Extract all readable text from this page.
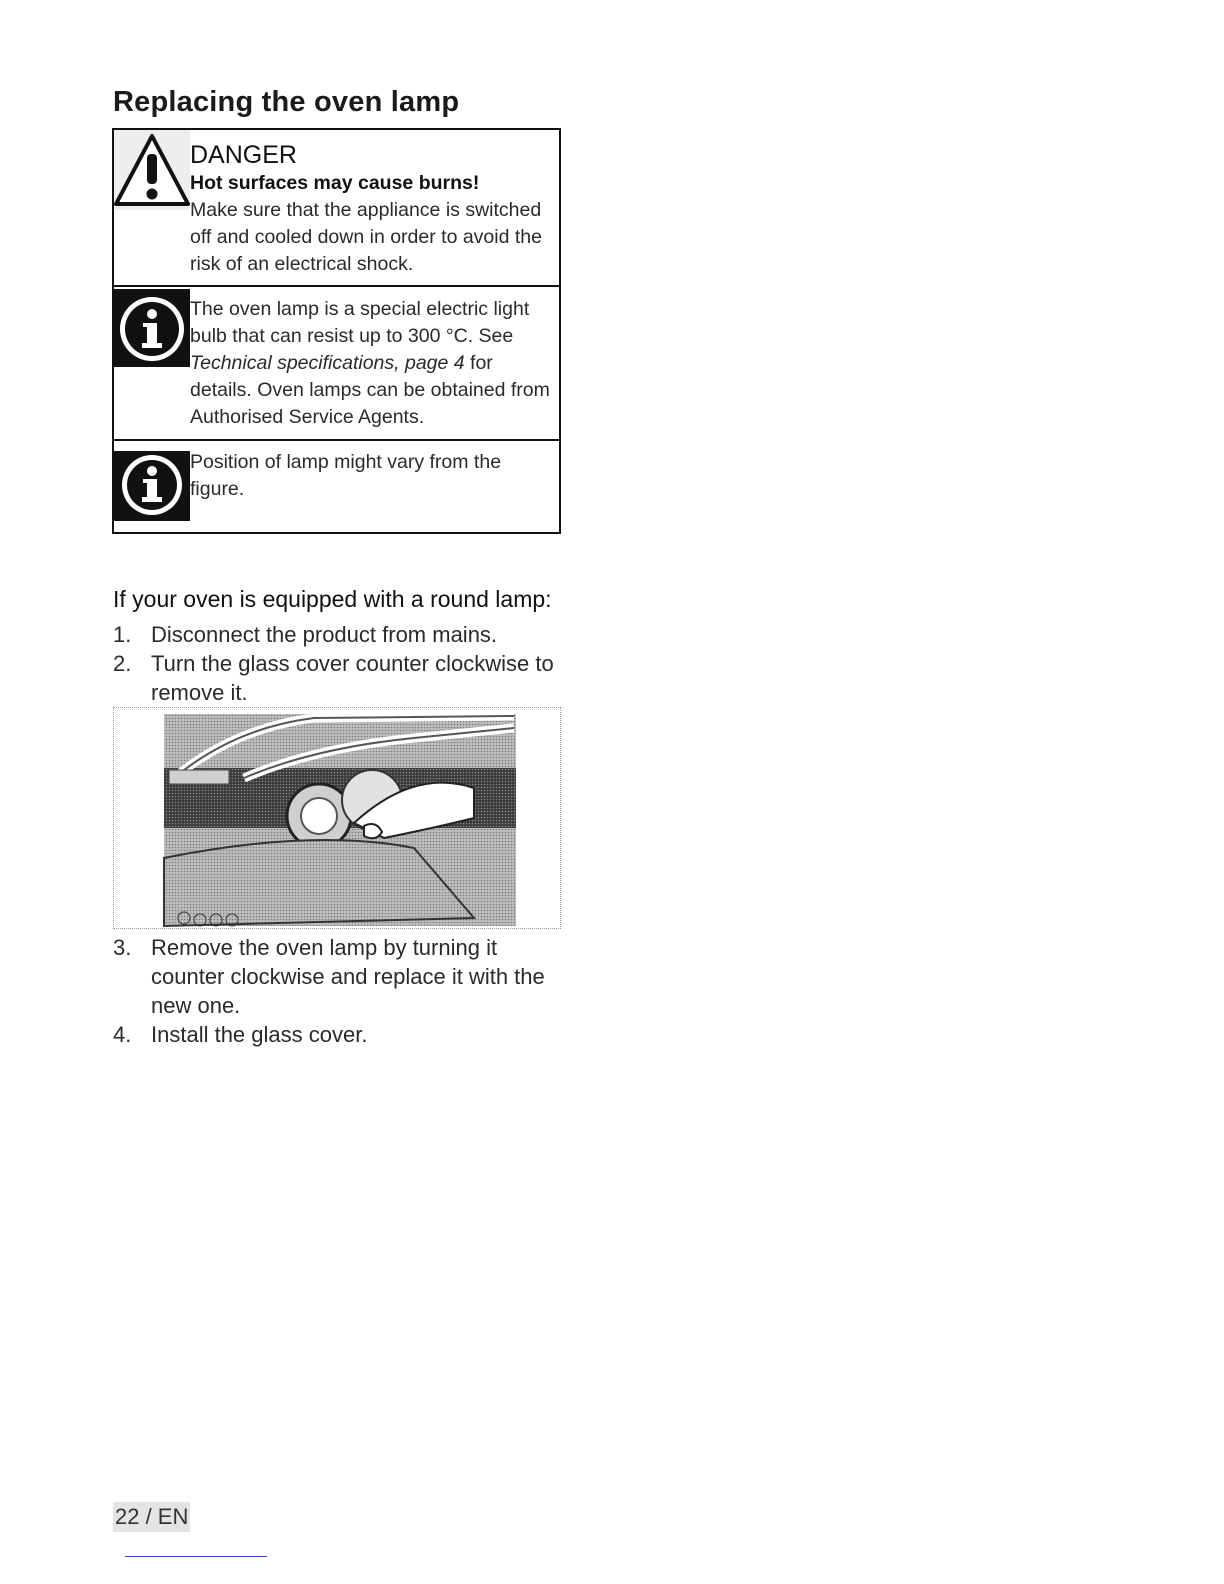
Replacing the oven lamp
DANGER
Hot surfaces may cause burns!
Make sure that the appliance is switched off and cooled down in order to avoid the risk of an electrical shock.
The oven lamp is a special electric light bulb that can resist up to 300 °C. See Technical specifications, page 4 for details. Oven lamps can be obtained from Authorised Service Agents.
Position of lamp might vary from the figure.
If your oven is equipped with a round lamp:
1. Disconnect the product from mains.
2. Turn the glass cover counter clockwise to remove it.
3. Remove the oven lamp by turning it counter clockwise and replace it with the new one.
4. Install the glass cover.
22 / EN
